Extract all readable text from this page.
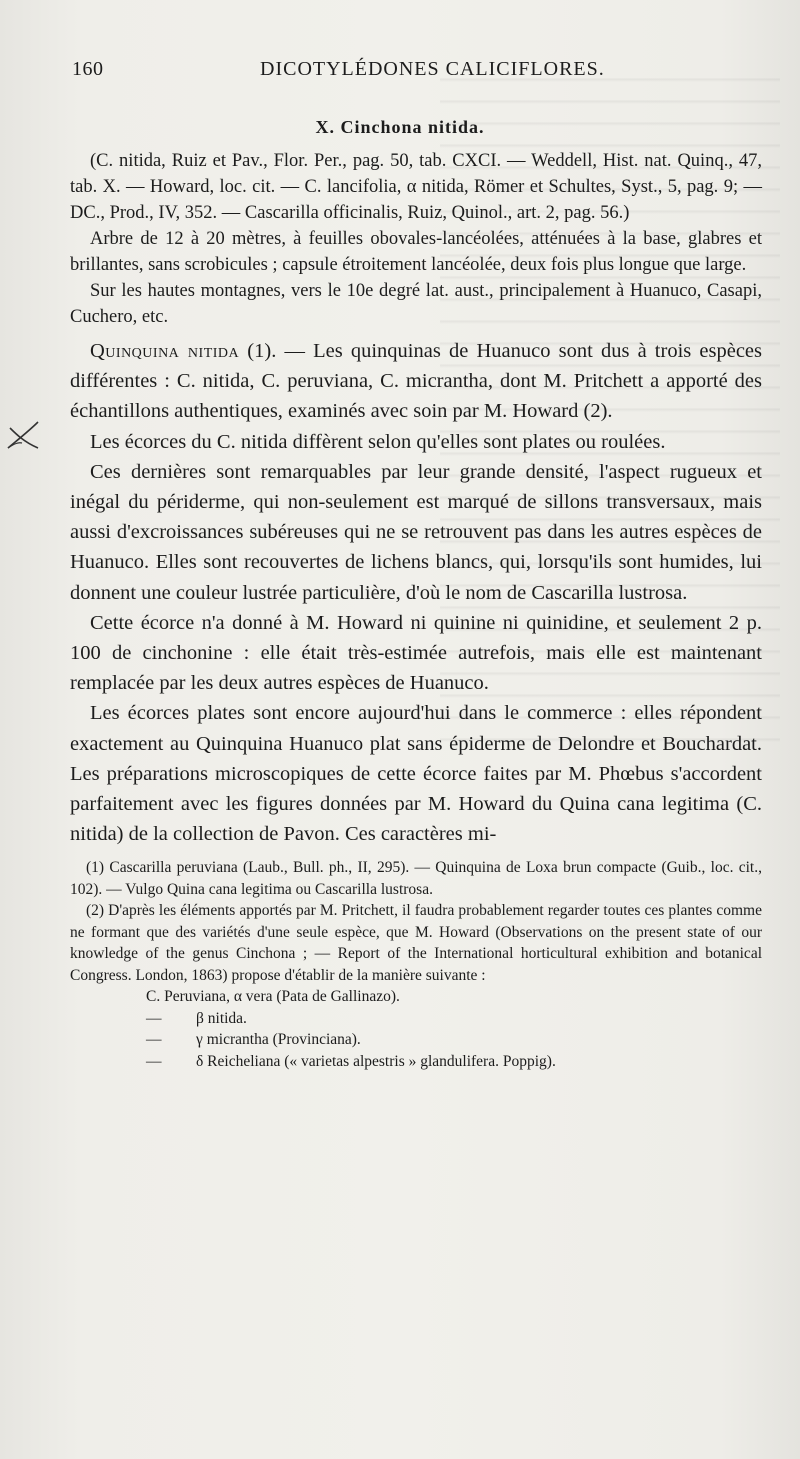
160	DICOTYLÉDONES CALICIFLORES.
X. Cinchona nitida.

(C. nitida, Ruiz et Pav., Flor. Per., pag. 50, tab. CXCI. — Weddell, Hist. nat. Quinq., 47, tab. X. — Howard, loc. cit. — C. lancifolia, α nitida, Römer et Schultes, Syst., 5, pag. 9; — DC., Prod., IV, 352. — Cascarilla officinalis, Ruiz, Quinol., art. 2, pag. 56.)

Arbre de 12 à 20 mètres, à feuilles obovales-lancéolées, atténuées à la base, glabres et brillantes, sans scrobicules ; capsule étroitement lancéolée, deux fois plus longue que large.

Sur les hautes montagnes, vers le 10e degré lat. aust., principalement à Huanuco, Casapi, Cuchero, etc.

Quinquina nitida (1). — Les quinquinas de Huanuco sont dus à trois espèces différentes : C. nitida, C. peruviana, C. micrantha, dont M. Pritchett a apporté des échantillons authentiques, examinés avec soin par M. Howard (2).

Les écorces du C. nitida diffèrent selon qu'elles sont plates ou roulées.

Ces dernières sont remarquables par leur grande densité, l'aspect rugueux et inégal du périderme, qui non-seulement est marqué de sillons transversaux, mais aussi d'excroissances subéreuses qui ne se retrouvent pas dans les autres espèces de Huanuco. Elles sont recouvertes de lichens blancs, qui, lorsqu'ils sont humides, lui donnent une couleur lustrée particulière, d'où le nom de Cascarilla lustrosa.

Cette écorce n'a donné à M. Howard ni quinine ni quinidine, et seulement 2 p. 100 de cinchonine : elle était très-estimée autrefois, mais elle est maintenant remplacée par les deux autres espèces de Huanuco.

Les écorces plates sont encore aujourd'hui dans le commerce : elles répondent exactement au Quinquina Huanuco plat sans épiderme de Delondre et Bouchardat. Les préparations microscopiques de cette écorce faites par M. Phœbus s'accordent parfaitement avec les figures données par M. Howard du Quina cana legitima (C. nitida) de la collection de Pavon. Ces caractères mi-

(1) Cascarilla peruviana (Laub., Bull. ph., II, 295). — Quinquina de Loxa brun compacte (Guib., loc. cit., 102). — Vulgo Quina cana legitima ou Cascarilla lustrosa.

(2) D'après les éléments apportés par M. Pritchett, il faudra probablement regarder toutes ces plantes comme ne formant que des variétés d'une seule espèce, que M. Howard (Observations on the present state of our knowledge of the genus Cinchona ; — Report of the International horticultural exhibition and botanical Congress. London, 1863) propose d'établir de la manière suivante :

C. Peruviana, α vera (Pata de Gallinazo).
— β nitida.
— γ micrantha (Provinciana).
— δ Reicheliana (« varietas alpestris » glandulifera. Poppig).
